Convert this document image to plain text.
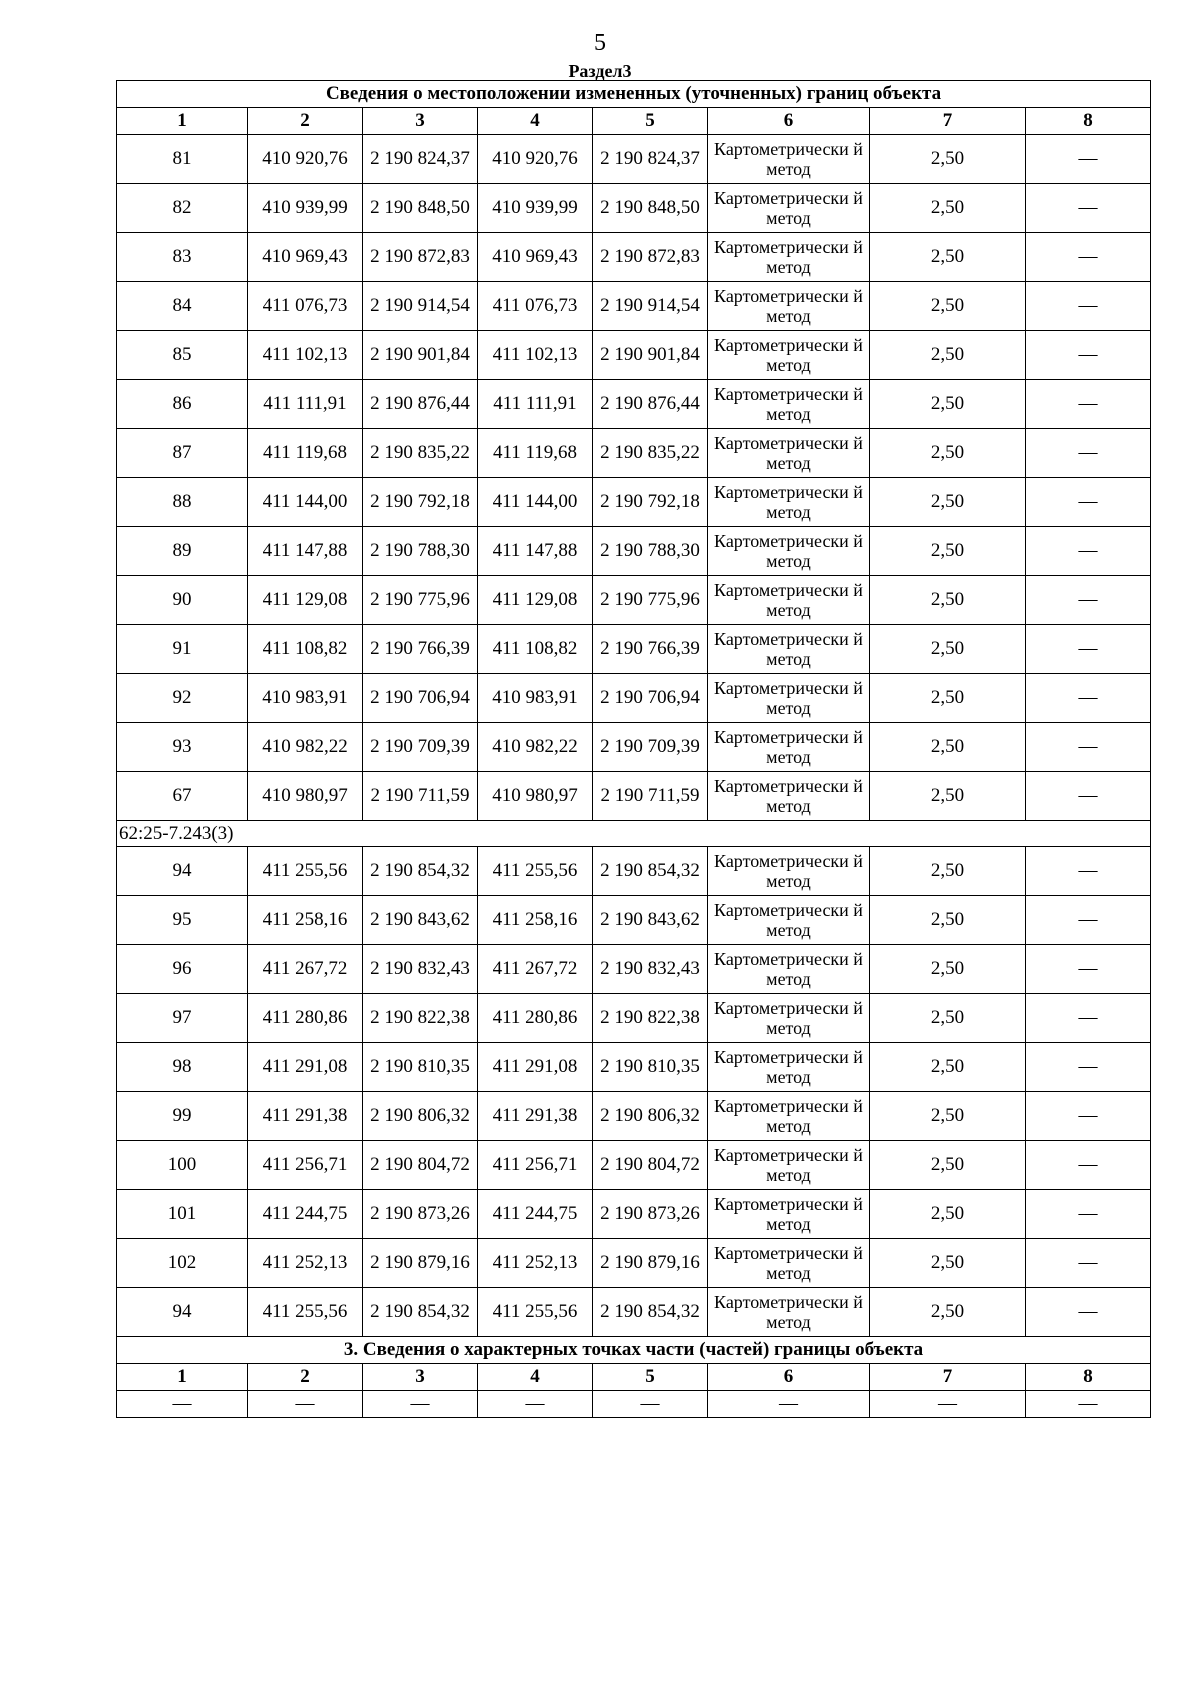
5
Раздел3
Сведения о местоположении измененных (уточненных) границ объекта							
1	2	3	4	5	6	7	8
81	410 920,76	2 190 824,37	410 920,76	2 190 824,37	Картометрически й метод	2,50	—
82	410 939,99	2 190 848,50	410 939,99	2 190 848,50	Картометрически й метод	2,50	—
83	410 969,43	2 190 872,83	410 969,43	2 190 872,83	Картометрически й метод	2,50	—
84	411 076,73	2 190 914,54	411 076,73	2 190 914,54	Картометрически й метод	2,50	—
85	411 102,13	2 190 901,84	411 102,13	2 190 901,84	Картометрически й метод	2,50	—
86	411 111,91	2 190 876,44	411 111,91	2 190 876,44	Картометрически й метод	2,50	—
87	411 119,68	2 190 835,22	411 119,68	2 190 835,22	Картометрически й метод	2,50	—
88	411 144,00	2 190 792,18	411 144,00	2 190 792,18	Картометрически й метод	2,50	—
89	411 147,88	2 190 788,30	411 147,88	2 190 788,30	Картометрически й метод	2,50	—
90	411 129,08	2 190 775,96	411 129,08	2 190 775,96	Картометрически й метод	2,50	—
91	411 108,82	2 190 766,39	411 108,82	2 190 766,39	Картометрически й метод	2,50	—
92	410 983,91	2 190 706,94	410 983,91	2 190 706,94	Картометрически й метод	2,50	—
93	410 982,22	2 190 709,39	410 982,22	2 190 709,39	Картометрически й метод	2,50	—
67	410 980,97	2 190 711,59	410 980,97	2 190 711,59	Картометрически й метод	2,50	—
62:25-7.243(3)							
94	411 255,56	2 190 854,32	411 255,56	2 190 854,32	Картометрически й метод	2,50	—
95	411 258,16	2 190 843,62	411 258,16	2 190 843,62	Картометрически й метод	2,50	—
96	411 267,72	2 190 832,43	411 267,72	2 190 832,43	Картометрически й метод	2,50	—
97	411 280,86	2 190 822,38	411 280,86	2 190 822,38	Картометрически й метод	2,50	—
98	411 291,08	2 190 810,35	411 291,08	2 190 810,35	Картометрически й метод	2,50	—
99	411 291,38	2 190 806,32	411 291,38	2 190 806,32	Картометрически й метод	2,50	—
100	411 256,71	2 190 804,72	411 256,71	2 190 804,72	Картометрически й метод	2,50	—
101	411 244,75	2 190 873,26	411 244,75	2 190 873,26	Картометрически й метод	2,50	—
102	411 252,13	2 190 879,16	411 252,13	2 190 879,16	Картометрически й метод	2,50	—
94	411 255,56	2 190 854,32	411 255,56	2 190 854,32	Картометрически й метод	2,50	—
3. Сведения о характерных точках части (частей) границы объекта							
1	2	3	4	5	6	7	8
—	—	—	—	—	—	—	—
